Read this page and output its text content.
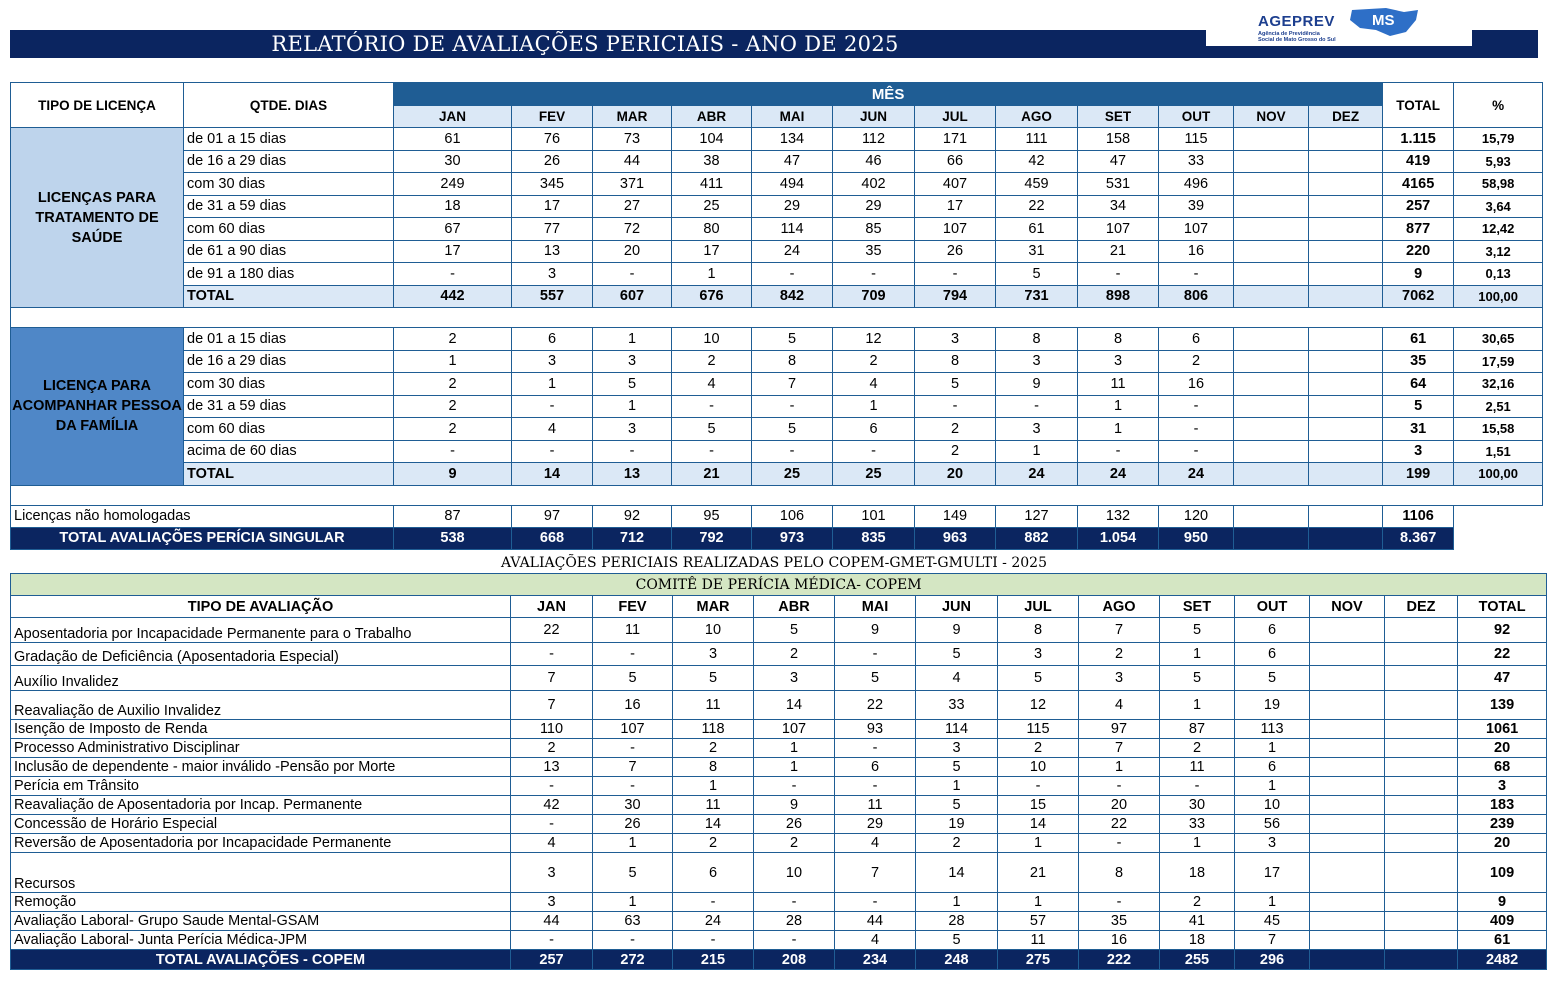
RELATÓRIO DE AVALIAÇÕES PERICIAIS - ANO DE 2025
AGEPREV MS
Agência de Previdência
Social de Mato Grosso do Sul
TIPO DE LICENÇA	QTDE. DIAS	MÊS												TOTAL	%
		JAN	FEV	MAR	ABR	MAI	JUN	JUL	AGO	SET	OUT	NOV	DEZ		
LICENÇAS PARA TRATAMENTO DE SAÚDE	de 01 a 15 dias	61	76	73	104	134	112	171	111	158	115			1.115	15,79
	de 16 a 29 dias	30	26	44	38	47	46	66	42	47	33			419	5,93
	com 30 dias	249	345	371	411	494	402	407	459	531	496			4165	58,98
	de 31 a 59 dias	18	17	27	25	29	29	17	22	34	39			257	3,64
	com 60 dias	67	77	72	80	114	85	107	61	107	107			877	12,42
	de 61 a 90 dias	17	13	20	17	24	35	26	31	21	16			220	3,12
	de 91 a 180 dias	-	3	-	1	-	-	-	5	-	-			9	0,13
	TOTAL	442	557	607	676	842	709	794	731	898	806			7062	100,00

LICENÇA PARA ACOMPANHAR PESSOA DA FAMÍLIA	de 01 a 15 dias	2	6	1	10	5	12	3	8	8	6			61	30,65
	de 16 a 29 dias	1	3	3	2	8	2	8	3	3	2			35	17,59
	com 30 dias	2	1	5	4	7	4	5	9	11	16			64	32,16
	de 31 a 59 dias	2	-	1	-	-	1	-	-	1	-			5	2,51
	com 60 dias	2	4	3	5	5	6	2	3	1	-			31	15,58
	acima de 60 dias	-	-	-	-	-	-	2	1	-	-			3	1,51
	TOTAL	9	14	13	21	25	25	20	24	24	24			199	100,00

Licenças não homologadas		87	97	92	95	106	101	149	127	132	120			1106	
TOTAL AVALIAÇÕES PERÍCIA SINGULAR		538	668	712	792	973	835	963	882	1.054	950			8.367	
AVALIAÇÕES PERICIAIS REALIZADAS PELO COPEM-GMET-GMULTI - 2025
COMITÊ DE PERÍCIA MÉDICA- COPEM													
TIPO DE AVALIAÇÃO	JAN	FEV	MAR	ABR	MAI	JUN	JUL	AGO	SET	OUT	NOV	DEZ	TOTAL
Aposentadoria por Incapacidade Permanente para o Trabalho	22	11	10	5	9	9	8	7	5	6			92
Gradação de Deficiência (Aposentadoria Especial)	-	-	3	2	-	5	3	2	1	6			22
Auxílio Invalidez	7	5	5	3	5	4	5	3	5	5			47
Reavaliação de Auxilio Invalidez	7	16	11	14	22	33	12	4	1	19			139
Isenção de Imposto de Renda	110	107	118	107	93	114	115	97	87	113			1061
Processo Administrativo Disciplinar	2	-	2	1	-	3	2	7	2	1			20
Inclusão de dependente - maior inválido -Pensão por Morte	13	7	8	1	6	5	10	1	11	6			68
Perícia em Trânsito	-	-	1	-	-	1	-	-	-	1			3
Reavaliação de Aposentadoria por Incap. Permanente	42	30	11	9	11	5	15	20	30	10			183
Concessão de Horário Especial	-	26	14	26	29	19	14	22	33	56			239
Reversão de Aposentadoria por Incapacidade Permanente	4	1	2	2	4	2	1	-	1	3			20
Recursos	3	5	6	10	7	14	21	8	18	17			109
Remoção	3	1	-	-	-	1	1	-	2	1			9
Avaliação Laboral- Grupo Saude Mental-GSAM	44	63	24	28	44	28	57	35	41	45			409
Avaliação Laboral- Junta Perícia Médica-JPM	-	-	-	-	4	5	11	16	18	7			61
TOTAL AVALIAÇÕES - COPEM	257	272	215	208	234	248	275	222	255	296			2482
